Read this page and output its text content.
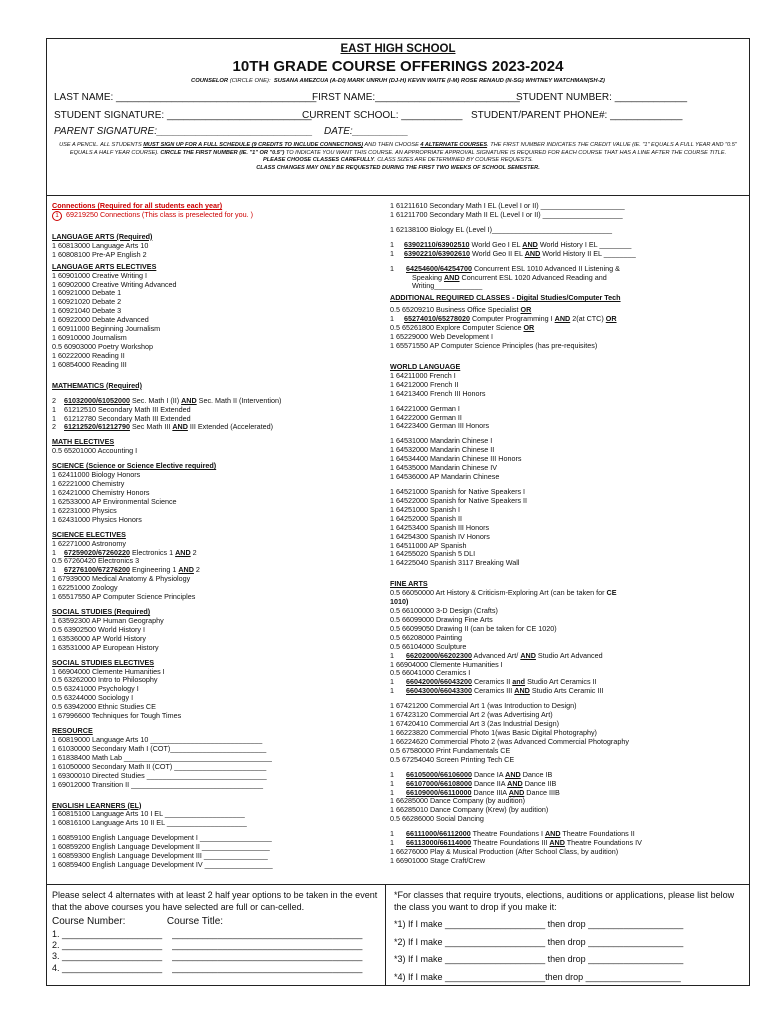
EAST HIGH SCHOOL
10TH GRADE COURSE OFFERINGS 2023-2024
COUNSELOR (CIRCLE ONE): SUSANA AMEZCUA (A-DI) MARK UNRUH (DJ-H) KEVIN WAITE (I-M) ROSE RENAUD (N-SG) WHITNEY WATCHMAN(SH-Z)
LAST NAME: ____________________________________
FIRST NAME:__________________________
STUDENT NUMBER: _____________
STUDENT SIGNATURE: __________________________
CURRENT SCHOOL: ___________ STUDENT/PARENT PHONE#: _____________
PARENT SIGNATURE:____________________________ DATE:__________
USE A PENCIL. ALL STUDENTS MUST SIGN UP FOR A FULL SCHEDULE (9 CREDITS TO INCLUDE CONNECTIONS) AND THEN CHOOSE 4 ALTERNATE COURSES. THE FIRST NUMBER INDICATES THE CREDIT VALUE (IE. "1" EQUALS A FULL YEAR AND "0.5" EQUALS A HALF YEAR COURSE). CIRCLE THE FIRST NUMBER (IE. "1" OR "0.5") TO INDICATE YOU WANT THIS COURSE. AN APPROPRIATE APPROVAL SIGNATURE IS REQUIRED FOR EACH COURSE THAT HAS A LINE AFTER THE COURSE TITLE. PLEASE CHOOSE CLASSES CAREFULLY. CLASS SIZES ARE DETERMINED BY COURSE REQUESTS.
CLASS CHANGES MAY ONLY BE REQUESTED DURING THE FIRST TWO WEEKS OF SCHOOL SEMESTER.
Connections (Required for all students each year)
1 69219250 Connections (This class is preselected for you. )
LANGUAGE ARTS (Required)
1 60813000 Language Arts 10
1 60808100 Pre-AP English 2
LANGUAGE ARTS ELECTIVES
1 60901000 Creative Writing I
1 60902000 Creative Writing Advanced
1 60921000 Debate 1
1 60921020 Debate 2
1 60921040 Debate 3
1 60922000 Debate Advanced
1 60911000 Beginning Journalism
1 60910000 Journalism
0.5 60903000 Poetry Workshop
1 60222000 Reading II
1 60854000 Reading III
MATHEMATICS (Required)
2 61032000/61052000 Sec. Math I (II) AND Sec. Math II (Intervention)
1 61212510 Secondary Math III Extended
1 61212780 Secondary Math III Extended
2 61212520/61212790 Sec Math III AND III Extended (Accelerated)
MATH ELECTIVES
0.5 65201000 Accounting I
SCIENCE (Science or Science Elective required)
1 62411000 Biology Honors
1 62221000 Chemistry
1 62421000 Chemistry Honors
1 62533000 AP Environmental Science
1 62231000 Physics
1 62431000 Physics Honors
SCIENCE ELECTIVES
1 62271000 Astronomy
1    67259020/67260220 Electronics 1 AND 2
0.5 67260420 Electronics 3
1    67276100/67276200 Engineering 1 AND 2
1 67939000 Medical Anatomy & Physiology
1 62251000 Zoology
1 65517550 AP Computer Science Principles
SOCIAL STUDIES (Required)
1 63592300 AP Human Geography
0.5 63902500 World History I
1 63536000 AP World History
1 63531000 AP European History
SOCIAL STUDIES ELECTIVES
1 66904000 Clemente Humanities I
0.5 63262000 Intro to Philosophy
0.5 63241000 Psychology I
0.5 63244000 Sociology I
0.5 63942000 Ethnic Studies CE
1 67996600 Techniques for Tough Times
RESOURCE
1 60819000 Language Arts 10 ____________________________
1 61030000 Secondary Math I (COT)________________________
1 61838400 Math Lab _____________________________________
1 61050000 Secondary Math II (COT) _______________________
1 69300010 Directed Studies ______________________________
1 69012000 Transition II _________________________________
ENGLISH LEARNERS (EL)
1 60815100 Language Arts 10 I EL ____________________
1 60816100 Language Arts 10 II EL ____________________
1 60859100 English Language Development I __________________
1 60859200 English Language Development II _________________
1 60859300 English Language Development III ________________
1 60859400 English Language Development IV _________________
1 61211610 Secondary Math I EL (Level I or II) _____________________
1 61211700 Secondary Math II EL (Level I or II) ____________________
1 62138100 Biology EL (Level I)______________________________
1     63902110/63902510 World Geo I EL AND World History I EL ________
1     63902210/63902610 World Geo II EL AND World History II EL ________
1      64254600/64254700 Concurrent ESL 1010 Advanced II Listening &
Speaking AND Concurrent ESL 1020 Advanced Reading and
Writing____________
ADDITIONAL REQUIRED CLASSES - Digital Studies/Computer Tech
0.5 65209210 Business Office Specialist OR
1     65274010/65278020 Computer Programming I AND 2(at CTC) OR
0.5 65261800 Explore Computer Science OR
1 65229000 Web Development I
1 65571550 AP Computer Science Principles (has pre-requisites)
WORLD LANGUAGE
1 64211000 French I
1 64212000 French II
1 64213400 French III Honors
1 64221000 German I
1 64222000 German II
1 64223400 German III Honors
1 64531000 Mandarin Chinese I
1 64532000 Mandarin Chinese II
1 64534400 Mandarin Chinese III Honors
1 64535000 Mandarin Chinese IV
1 64536000 AP Mandarin Chinese
1 64521000 Spanish for Native Speakers I
1 64522000 Spanish for Native Speakers II
1 64251000 Spanish I
1 64252000 Spanish II
1 64253400 Spanish III Honors
1 64254300 Spanish IV Honors
1 64511000 AP Spanish
1 64255020 Spanish 5 DLI
1 64225040 Spanish 3117 Breaking Wall
FINE ARTS
0.5 66050000 Art History & Criticism-Exploring Art (can be taken for CE
1010)
0.5 66100000 3-D Design (Crafts)
0.5 66099000 Drawing Fine Arts
0.5 66099050 Drawing II (can be taken for CE 1020)
0.5 66208000 Painting
0.5 66104000 Sculpture
1      66202000/66202300 Advanced Art/ AND Studio Art Advanced
1 66904000 Clemente Humanities I
0.5 66041000 Ceramics I
1      66042000/66043200 Ceramics II and Studio Art Ceramics II
1      66043000/66043300 Ceramics III AND Studio Arts Ceramic III
1 67421200 Commercial Art 1 (was Introduction to Design)
1 67423120 Commercial Art 2 (was Advertising Art)
1 67420410 Commercial Art 3 (2as Industrial Design)
1 66223820 Commercial Photo 1(was Basic Digital Photography)
1 66224620 Commercial Photo 2 (was Advanced Commercial Photography
0.5 67580000 Print Fundamentals CE
0.5 67254040 Screen Printing Tech CE
1      66105000/66106000 Dance IA AND Dance IB
1      66107000/66108000 Dance IIA AND Dance IIB
1      66109000/66110000 Dance IIIA AND Dance IIIB
1 66285000 Dance Company (by audition)
1 66285010 Dance Company (Krew) (by audition)
0.5 66286000 Social Dancing
1      66111000/66112000 Theatre Foundations I AND Theatre Foundations II
1      66113000/66114000 Theatre Foundations III AND Theatre Foundations IV
1 66276000 Play & Musical Production (After School Class, by audition)
1 66901000 Stage Craft/Crew
Please select 4 alternates with at least 2 half year options to be taken in the event that the above courses you have selected are full or can-celled.
Course Number:	Course Title:
1. ____________________ ______________________________________
2. ____________________ ______________________________________
3. ____________________ ______________________________________
4. ____________________ ______________________________________
*For classes that require tryouts, elections, auditions or applications, please list below the class you want to drop if you make it:
*1) If I make ____________________ then drop ___________________
*2) If I make ____________________ then drop ___________________
*3) If I make ____________________ then drop ___________________
*4) If I make ____________________then drop ___________________
